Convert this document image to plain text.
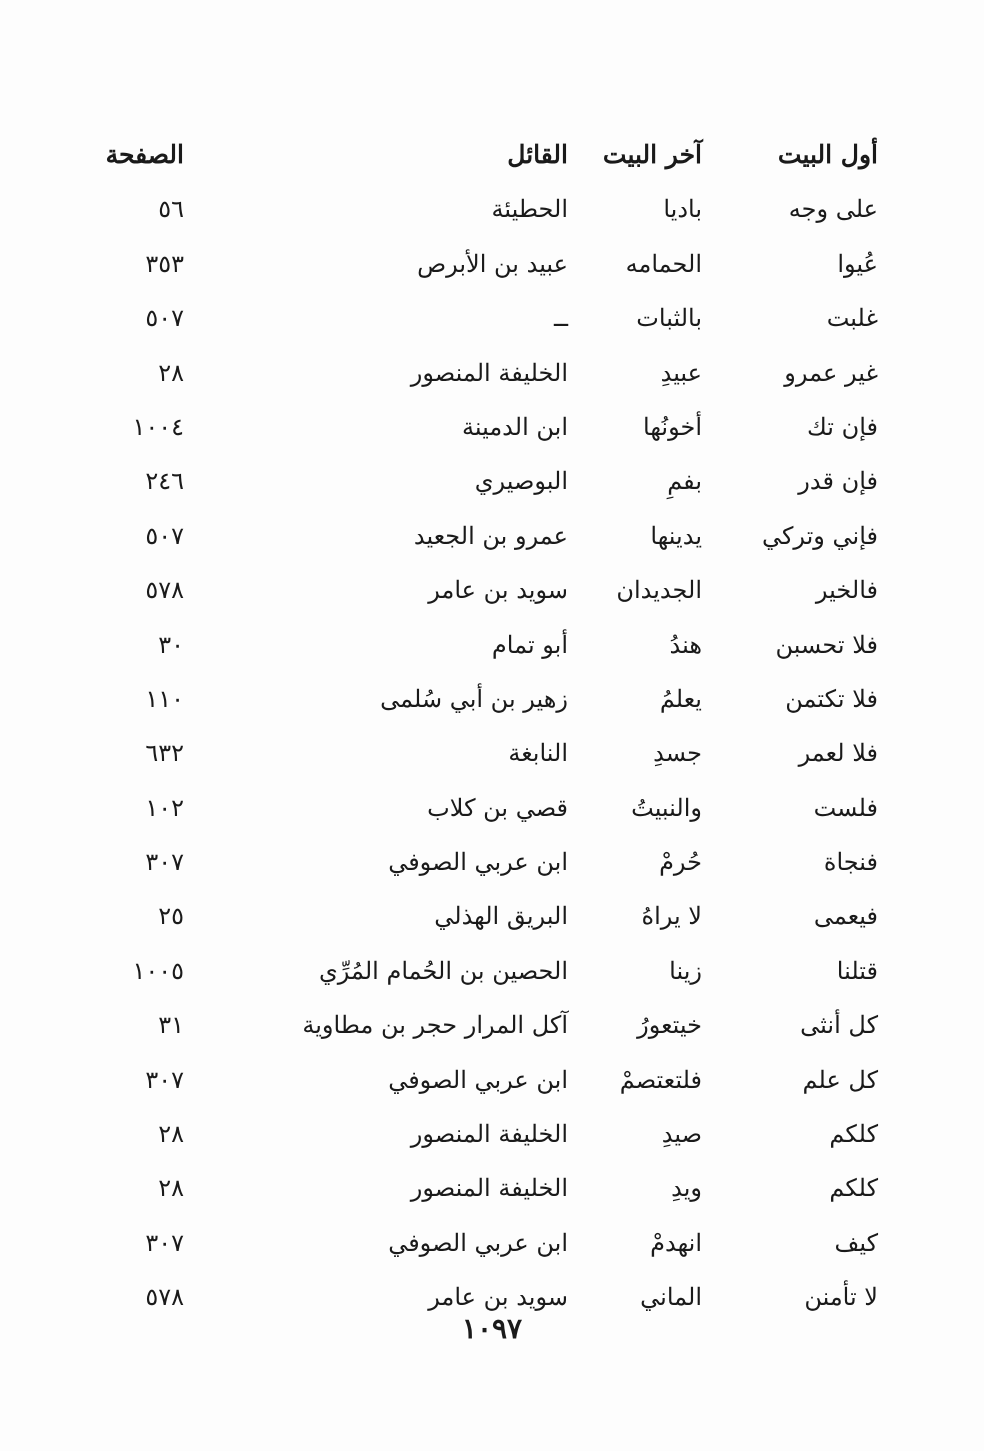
أول البيت
آخر البيت
القائل
الصفحة
على وجه
باديا
الحطيئة
٥٦
عُيوا
الحمامه
عبيد بن الأبرص
٣٥٣
غلبت
بالثبات
ــ
٥٠٧
غير عمرو
عبيدِ
الخليفة المنصور
٢٨
فإن تك
أخونُها
ابن الدمينة
١٠٠٤
فإن قدر
بفمِ
البوصيري
٢٤٦
فإني وتركي
يدينها
عمرو بن الجعيد
٥٠٧
فالخير
الجديدان
سويد بن عامر
٥٧٨
فلا تحسبن
هندُ
أبو تمام
٣٠
فلا تكتمن
يعلمُ
زهير بن أبي سُلمى
١١٠
فلا لعمر
جسدِ
النابغة
٦٣٢
فلست
والنبيتُ
قصي بن كلاب
١٠٢
فنجاة
حُرمْ
ابن عربي الصوفي
٣٠٧
فيعمى
لا يراهُ
البريق الهذلي
٢٥
قتلنا
زينا
الحصين بن الحُمام المُرِّي
١٠٠٥
كل أنثى
خيتعورُ
آكل المرار حجر بن مطاوية
٣١
كل علم
فلتعتصمْ
ابن عربي الصوفي
٣٠٧
كلكم
صيدِ
الخليفة المنصور
٢٨
كلكم
ويدِ
الخليفة المنصور
٢٨
كيف
انهدمْ
ابن عربي الصوفي
٣٠٧
لا تأمنن
الماني
سويد بن عامر
٥٧٨
١٠٩٧
